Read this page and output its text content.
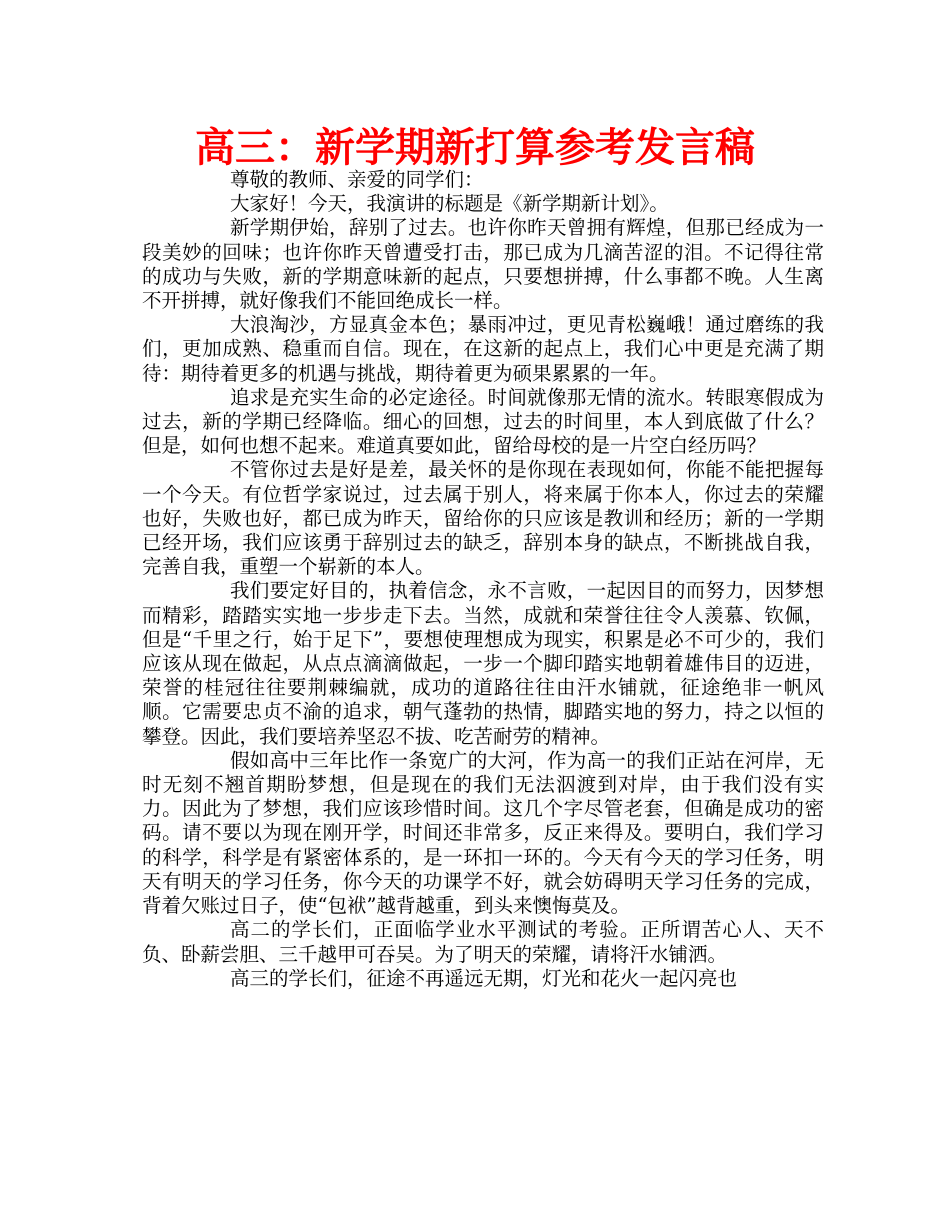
高三：新学期新打算参考发言稿

尊敬的教师、亲爱的同学们：

大家好！今天，我演讲的标题是《新学期新计划》。

新学期伊始，辞别了过去。也许你昨天曾拥有辉煌，但那已经成为一段美妙的回味；也许你昨天曾遭受打击，那已成为几滴苦涩的泪。不记得往常的成功与失败，新的学期意味新的起点，只要想拼搏，什么事都不晚。人生离不开拼搏，就好像我们不能回绝成长一样。

大浪淘沙，方显真金本色；暴雨冲过，更见青松巍峨！通过磨练的我们，更加成熟、稳重而自信。现在，在这新的起点上，我们心中更是充满了期待：期待着更多的机遇与挑战，期待着更为硕果累累的一年。

追求是充实生命的必定途径。时间就像那无情的流水。转眼寒假成为过去，新的学期已经降临。细心的回想，过去的时间里，本人到底做了什么？但是，如何也想不起来。难道真要如此，留给母校的是一片空白经历吗？

不管你过去是好是差，最关怀的是你现在表现如何，你能不能把握每一个今天。有位哲学家说过，过去属于别人，将来属于你本人，你过去的荣耀也好，失败也好，都已成为昨天，留给你的只应该是教训和经历；新的一学期已经开场，我们应该勇于辞别过去的缺乏，辞别本身的缺点，不断挑战自我，完善自我，重塑一个崭新的本人。

我们要定好目的，执着信念，永不言败，一起因目的而努力，因梦想而精彩，踏踏实实地一步步走下去。当然，成就和荣誉往往令人羡慕、钦佩，但是“千里之行，始于足下”，要想使理想成为现实，积累是必不可少的，我们应该从现在做起，从点点滴滴做起，一步一个脚印踏实地朝着雄伟目的迈进，荣誉的桂冠往往要荆棘编就，成功的道路往往由汗水铺就，征途绝非一帆风顺。它需要忠贞不渝的追求，朝气蓬勃的热情，脚踏实地的努力，持之以恒的攀登。因此，我们要培养坚忍不拔、吃苦耐劳的精神。

假如高中三年比作一条宽广的大河，作为高一的我们正站在河岸，无时无刻不翘首期盼梦想，但是现在的我们无法泅渡到对岸，由于我们没有实力。因此为了梦想，我们应该珍惜时间。这几个字尽管老套，但确是成功的密码。请不要以为现在刚开学，时间还非常多，反正来得及。要明白，我们学习的科学，科学是有紧密体系的，是一环扣一环的。今天有今天的学习任务，明天有明天的学习任务，你今天的功课学不好，就会妨碍明天学习任务的完成，背着欠账过日子，使“包袱”越背越重，到头来懊悔莫及。

高二的学长们，正面临学业水平测试的考验。正所谓苦心人、天不负、卧薪尝胆、三千越甲可吞吴。为了明天的荣耀，请将汗水铺洒。

高三的学长们，征途不再遥远无期，灯光和花火一起闪亮也
